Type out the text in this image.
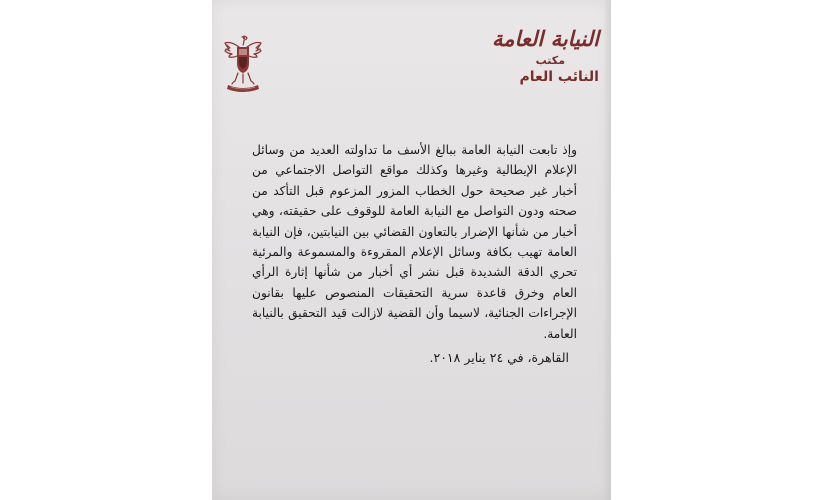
النيابة العامة
مكتب
النائب العام

وإذ تابعت النيابة العامة ببالغ الأسف ما تداولته العديد من وسائل الإعلام الإيطالية وغيرها وكذلك مواقع التواصل الاجتماعي من أخبار غير صحيحة حول الخطاب المزور المزعوم قبل التأكد من صحته ودون التواصل مع النيابة العامة للوقوف على حقيقته، وهي أخبار من شأنها الإضرار بالتعاون القضائي بين النيابتين، فإن النيابة العامة تهيب بكافة وسائل الإعلام المقروءة والمسموعة والمرئية تحري الدقة الشديدة قبل نشر أي أخبار من شأنها إثارة الرأي العام وخرق قاعدة سرية التحقيقات المنصوص عليها بقانون الإجراءات الجنائية، لاسيما وأن القضية لازالت قيد التحقيق بالنيابة العامة.

القاهرة، في ٢٤ يناير ٢٠١٨.
